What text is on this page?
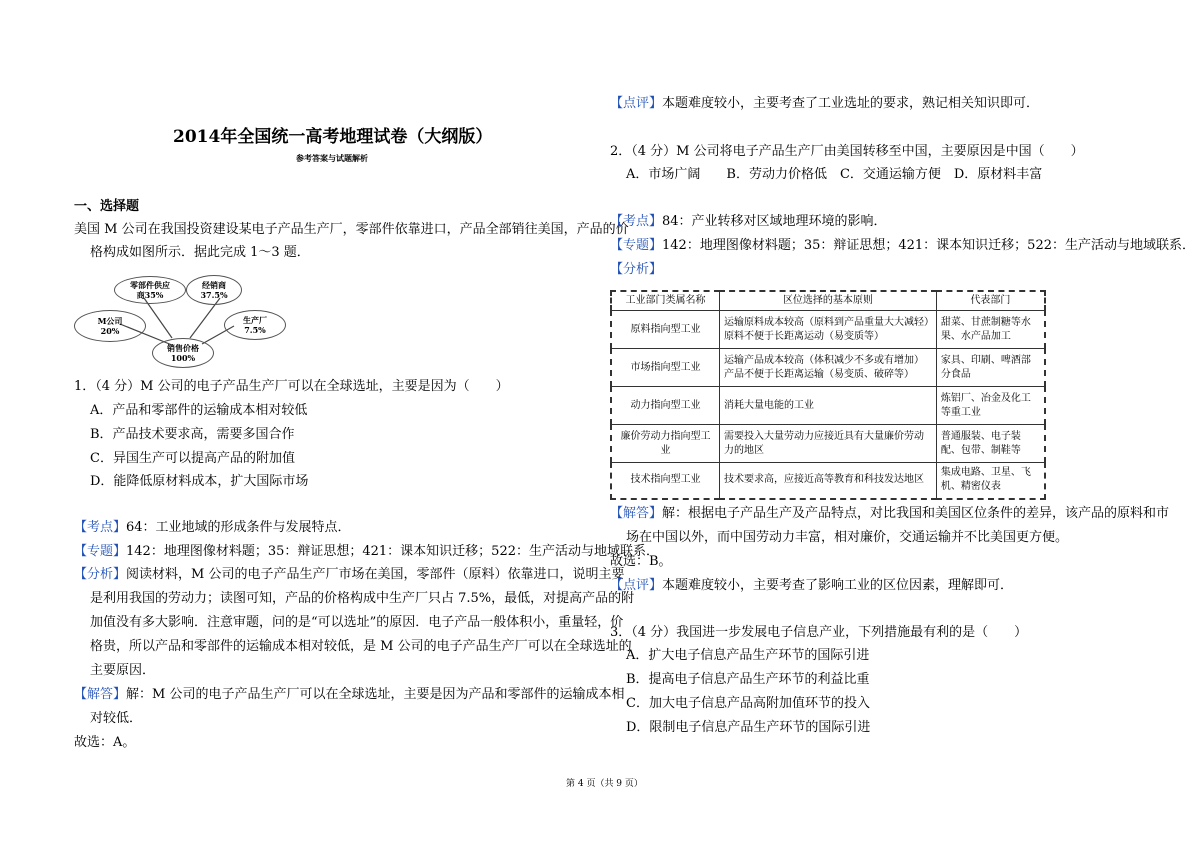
2014年全国统一高考地理试卷（大纲版）
参考答案与试题解析
一、选择题
美国 M 公司在我国投资建设某电子产品生产厂，零部件依靠进口，产品全部销往美国，产品的价
格构成如图所示．据此完成 1～3 题．
零部件供应
商35%
经销商
37.5%
M公司
20%
生产厂
7.5%
销售价格
100%
1．（4 分）M 公司的电子产品生产厂可以在全球选址，主要是因为（　　）
A．产品和零部件的运输成本相对较低
B．产品技术要求高，需要多国合作
C．异国生产可以提高产品的附加值
D．能降低原材料成本，扩大国际市场
【考点】64：工业地域的形成条件与发展特点．
【专题】142：地理图像材料题；35：辩证思想；421：课本知识迁移；522：生产活动与地域联系．
【分析】阅读材料，M 公司的电子产品生产厂市场在美国，零部件（原料）依靠进口，说明主要
是利用我国的劳动力；读图可知，产品的价格构成中生产厂只占 7.5%，最低，对提高产品的附
加值没有多大影响．注意审题，问的是“可以选址”的原因．电子产品一般体积小，重量轻，价
格贵，所以产品和零部件的运输成本相对较低，是 M 公司的电子产品生产厂可以在全球选址的
主要原因．
【解答】解：M 公司的电子产品生产厂可以在全球选址，主要是因为产品和零部件的运输成本相
对较低．
故选：A。
【点评】本题难度较小，主要考查了工业选址的要求，熟记相关知识即可．
2．（4 分）M 公司将电子产品生产厂由美国转移至中国，主要原因是中国（　　）
A．市场广阔　　B．劳动力价格低　C．交通运输方便　D．原材料丰富
【考点】84：产业转移对区域地理环境的影响．
【专题】142：地理图像材料题；35：辩证思想；421：课本知识迁移；522：生产活动与地域联系．
【分析】
工业部门类属名称	区位选择的基本原则	代表部门
原料指向型工业	运输原料成本较高（原料到产品重量大大减轻）原料不便于长距离运动（易变质等）	甜菜、甘蔗制糖等水果、水产品加工
市场指向型工业	运输产品成本较高（体积减少不多或有增加）产品不便于长距离运输（易变质、破碎等）	家具、印刷、啤酒部分食品
动力指向型工业	消耗大量电能的工业	炼铝厂、冶金及化工等重工业
廉价劳动力指向型工业	需要投入大量劳动力应接近具有大量廉价劳动力的地区	普通服装、电子装配、包带、制鞋等
技术指向型工业	技术要求高，应接近高等教育和科技发达地区	集成电路、卫星、飞机、精密仪表
【解答】解：根据电子产品生产及产品特点，对比我国和美国区位条件的差异，该产品的原料和市
场在中国以外，而中国劳动力丰富，相对廉价，交通运输并不比美国更方便。
故选：B。
【点评】本题难度较小，主要考查了影响工业的区位因素，理解即可．
3．（4 分）我国进一步发展电子信息产业，下列措施最有利的是（　　）
A．扩大电子信息产品生产环节的国际引进
B．提高电子信息产品生产环节的利益比重
C．加大电子信息产品高附加值环节的投入
D．限制电子信息产品生产环节的国际引进
第 4 页（共 9 页）
